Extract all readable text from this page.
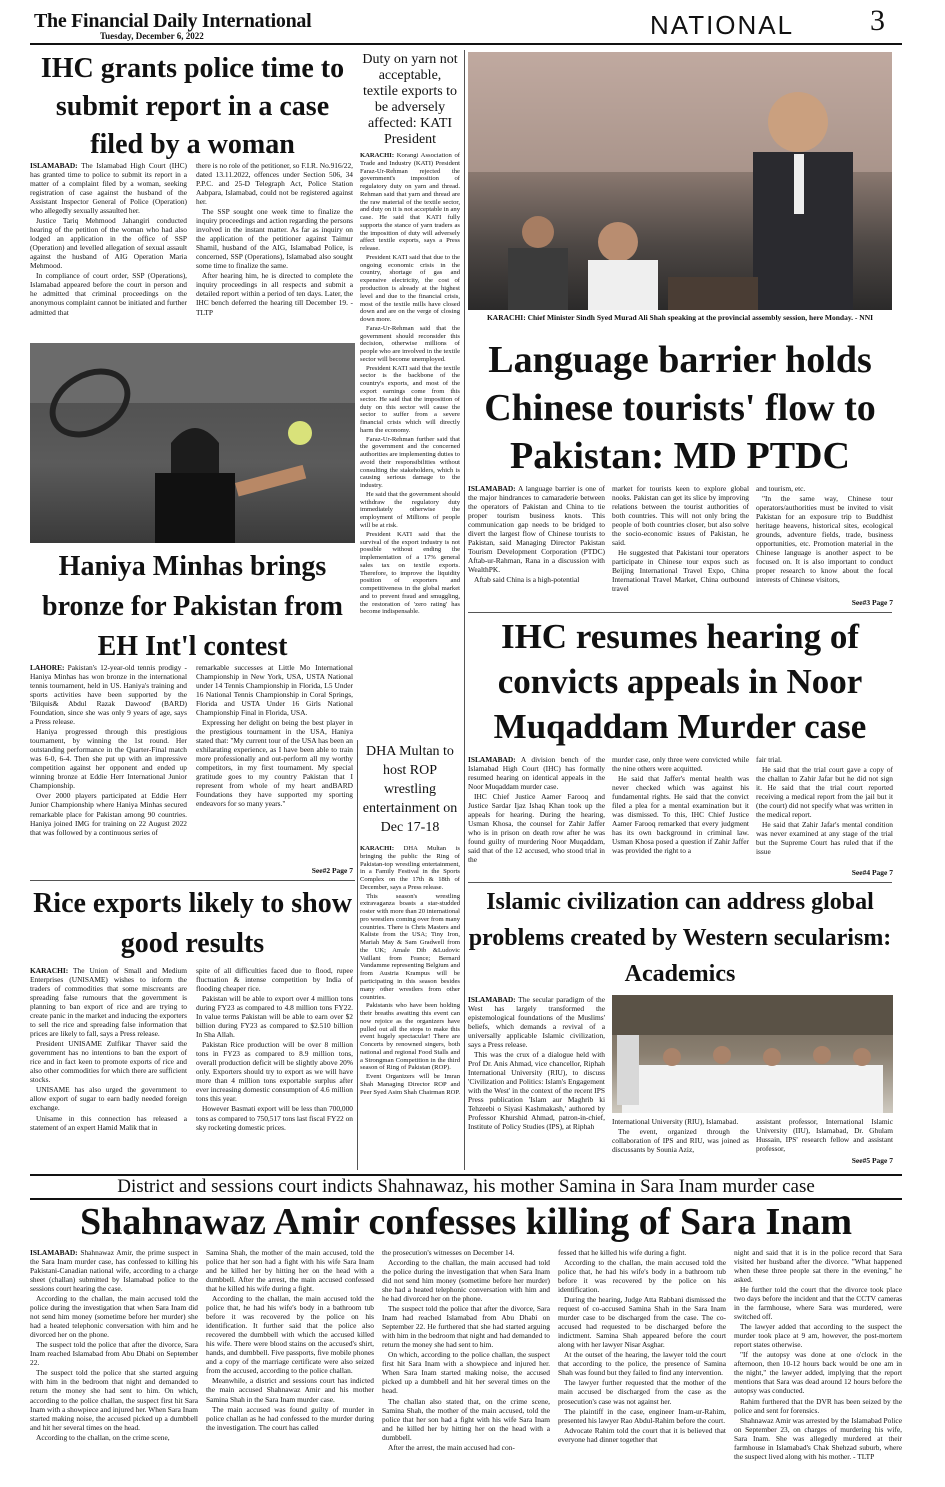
The Financial Daily International
Tuesday, December 6, 2022	NATIONAL	3
IHC grants police time to submit report in a case filed by a woman

ISLAMABAD: The Islamabad High Court (IHC) has granted time to police to submit its report in a matter of a complaint filed by a woman, seeking registration of case against the husband of the Assistant Inspector General of Police (Operation) who allegedly sexually assaulted her.

Justice Tariq Mehmood Jahangiri conducted hearing of the petition of the woman who had also lodged an application in the office of SSP (Operation) and levelled allegation of sexual assault against the husband of AIG Operation Maria Mehmood.

In compliance of court order, SSP (Operations), Islamabad appeared before the court in person and he admitted that criminal proceedings on the anonymous complaint cannot be initiated and further admitted that

there is no role of the petitioner, so F.I.R. No.916/22, dated 13.11.2022, offences under Section 506, 34 P.P.C. and 25-D Telegraph Act, Police Station Aabpara, Islamabad, could not be registered against her.

The SSP sought one week time to finalize the inquiry proceedings and action regarding the persons involved in the instant matter. As far as inquiry on the application of the petitioner against Taimur Shamil, husband of the AIG, Islamabad Police, is concerned, SSP (Operations), Islamabad also sought some time to finalize the same.

After hearing him, he is directed to complete the inquiry proceedings in all respects and submit a detailed report within a period of ten days. Later, the IHC bench deferred the hearing till December 19. - TLTP

Duty on yarn not acceptable, textile exports to be adversely affected: KATI President

KARACHI: Korangi Association of Trade and Industry (KATI) President Faraz-Ur-Rehman rejected the government's imposition of regulatory duty on yarn and thread. Rehman said that yarn and thread are the raw material of the textile sector, and duty on it is not acceptable in any case. He said that KATI fully supports the stance of yarn traders as the imposition of duty will adversely affect textile exports, says a Press release.

President KATI said that due to the ongoing economic crisis in the country, shortage of gas and expensive electricity, the cost of production is already at the highest level and due to the financial crisis, most of the textile mills have closed down and are on the verge of closing down more.

Faraz-Ur-Rehman said that the government should reconsider this decision, otherwise millions of people who are involved in the textile sector will become unemployed.

President KATI said that the textile sector is the backbone of the country's exports, and most of the export earnings come from this sector. He said that the imposition of duty on this sector will cause the sector to suffer from a severe financial crisis which will directly harm the economy.

Faraz-Ur-Rehman further said that the government and the concerned authorities are implementing duties to avoid their responsibilities without consulting the stakeholders, which is causing serious damage to the industry.

He said that the government should withdraw the regulatory duty immediately otherwise the employment of Millions of people will be at risk.

President KATI said that the survival of the export industry is not possible without ending the implementation of a 17% general sales tax on textile exports. Therefore, to improve the liquidity position of exporters and competitiveness in the global market and to prevent fraud and smuggling, the restoration of 'zero rating' has become indispensable.

KARACHI: Chief Minister Sindh Syed Murad Ali Shah speaking at the provincial assembly session, here Monday. - NNI
Language barrier holds Chinese tourists' flow to Pakistan: MD PTDC

ISLAMABAD: A language barrier is one of the major hindrances to camaraderie between the operators of Pakistan and China to tie proper tourism business knots. This communication gap needs to be bridged to divert the largest flow of Chinese tourists to Pakistan, said Managing Director Pakistan Tourism Development Corporation (PTDC) Aftab-ur-Rahman, Rana in a discussion with WealthPK.

Aftab said China is a high-potential

market for tourists keen to explore global nooks. Pakistan can get its slice by improving relations between the tourist authorities of both countries. This will not only bring the people of both countries closer, but also solve the socio-economic issues of Pakistan, he said.

He suggested that Pakistani tour operators participate in Chinese tour expos such as Beijing International Travel Expo, China International Travel Market, China outbound travel

and tourism, etc.

"In the same way, Chinese tour operators/authorities must be invited to visit Pakistan for an exposure trip to Buddhist heritage heavens, historical sites, ecological grounds, adventure fields, trade, business opportunities, etc. Promotion material in the Chinese language is another aspect to be focused on. It is also important to conduct proper research to know about the focal interests of Chinese visitors,

See#3 Page 7
Haniya Minhas brings bronze for Pakistan from EH Int'l contest

LAHORE: Pakistan's 12-year-old tennis prodigy - Haniya Minhas has won bronze in the international tennis tournament, held in US. Haniya's training and sports activities have been supported by the 'Bilquis& Abdul Razak Dawood' (BARD) Foundation, since she was only 9 years of age, says a Press release.

Haniya progressed through this prestigious tournament, by winning the 1st round. Her outstanding performance in the Quarter-Final match was 6-0, 6-4. Then she put up with an impressive competition against her opponent and ended up winning bronze at Eddie Herr International Junior Championship.

Over 2000 players participated at Eddie Herr Junior Championship where Haniya Minhas secured remarkable place for Pakistan among 90 countries. Haniya joined IMG for training on 22 August 2022 that was followed by a continuous series of

remarkable successes at Little Mo International Championship in New York, USA, USTA National under 14 Tennis Championship in Florida, L5 Under 16 National Tennis Championship in Coral Springs, Florida and USTA Under 16 Girls National Championship Final in Florida, USA.

Expressing her delight on being the best player in the prestigious tournament in the USA, Haniya stated that: "My current tour of the USA has been an exhilarating experience, as I have been able to train more professionally and out-perform all my worthy competitors, in my first tournament. My special gratitude goes to my country Pakistan that I represent from whole of my heart andBARD Foundations they have supported my sporting endeavors for so many years."

See#2 Page 7
DHA Multan to host ROP wrestling entertainment on Dec 17-18

KARACHI: DHA Multan is bringing the public the Ring of Pakistan-top wrestling entertainment, in a Family Festival in the Sports Complex on the 17th & 18th of December, says a Press release.

This season's wrestling extravaganza boasts a star-studded roster with more than 20 international pro wrestlers coming over from many countries. There is Chris Masters and Kaliste from the USA; Tiny Iron, Mariah May & Sam Gradwell from the UK; Amale Dib &Ludovic Vaillant from France; Bernard Vandamme representing Belgium and from Austria Krampus will be participating in this season besides many other wrestlers from other countries.

Pakistanis who have been holding their breaths awaiting this event can now rejoice as the organizers have pulled out all the stops to make this event hugely spectacular! There are Concerts by renowned singers, both national and regional Food Stalls and a Strongman Competition in the third season of Ring of Pakistan (ROP).

Event Organizers will be Imran Shah Managing Director ROP and Peer Syed Asim Shah Chairman ROP.

IHC resumes hearing of convicts appeals in Noor Muqaddam Murder case

ISLAMABAD: A division bench of the Islamabad High Court (IHC) has formally resumed hearing on identical appeals in the Noor Muqaddam murder case.

IHC Chief Justice Aamer Farooq and Justice Sardar Ijaz Ishaq Khan took up the appeals for hearing. During the hearing, Usman Khosa, the counsel for Zahir Jaffer who is in prison on death row after he was found guilty of murdering Noor Muqaddam, said that of the 12 accused, who stood trial in the

murder case, only three were convicted while the nine others were acquitted.

He said that Jaffer's mental health was never checked which was against his fundamental rights. He said that the convict filed a plea for a mental examination but it was dismissed. To this, IHC Chief Justice Aamer Farooq remarked that every judgment has its own background in criminal law. Usman Khosa posed a question if Zahir Jaffer was provided the right to a

fair trial.

He said that the trial court gave a copy of the challan to Zahir Jafar but he did not sign it. He said that the trial court reported receiving a medical report from the jail but it (the court) did not specify what was written in the medical report.

He said that Zahir Jafar's mental condition was never examined at any stage of the trial but the Supreme Court has ruled that if the issue

See#4 Page 7
Rice exports likely to show good results

KARACHI: The Union of Small and Medium Enterprises (UNISAME) wishes to inform the traders of commodities that some miscreants are spreading false rumours that the government is planning to ban export of rice and are trying to create panic in the market and inducing the exporters to sell the rice and spreading false information that prices are likely to fall, says a Press release.

President UNISAME Zulfikar Thaver said the government has no intentions to ban the export of rice and in fact keen to promote exports of rice and also other commodities for which there are sufficient stocks.

UNISAME has also urged the government to allow export of sugar to earn badly needed foreign exchange.

Unisame in this connection has released a statement of an expert Hamid Malik that in

spite of all difficulties faced due to flood, rupee fluctuation & intense competition by India of flooding cheaper rice.

Pakistan will be able to export over 4 million tons during FY23 as compared to 4.8 million tons FY22. In value terms Pakistan will be able to earn over $2 billion during FY23 as compared to $2.510 billion In Sha Allah.

Pakistan Rice production will be over 8 million tons in FY23 as compared to 8.9 million tons, overall production deficit will be slightly above 20% only. Exporters should try to export as we will have more than 4 million tons exportable surplus after ever increasing domestic consumption of 4.6 million tons this year.

However Basmati export will be less than 700,000 tons as compared to 750,517 tons last fiscal FY22 on sky rocketing domestic prices.

Islamic civilization can address global problems created by Western secularism: Academics

ISLAMABAD: The secular paradigm of the West has largely transformed the epistemological foundations of the Muslims' beliefs, which demands a revival of a universally applicable Islamic civilization, says a Press release.

This was the crux of a dialogue held with Prof Dr. Anis Ahmad, vice chancellor, Riphah International University (RIU), to discuss 'Civilization and Politics: Islam's Engagement with the West' in the context of the recent IPS Press publication 'Islam aur Maghrib ki Tehzeebi o Siyasi Kashmakash,' authored by Professor Khurshid Ahmad, patron-in-chief, Institute of Policy Studies (IPS), at Riphah

International University (RIU), Islamabad.

The event, organized through the collaboration of IPS and RIU, was joined as discussants by Sounia Aziz,

assistant professor, International Islamic University (IIU), Islamabad, Dr. Ghulam Hussain, IPS' research fellow and assistant professor,

See#5 Page 7
District and sessions court indicts Shahnawaz, his mother Samina in Sara Inam murder case
Shahnawaz Amir confesses killing of Sara Inam

ISLAMABAD: Shahnawaz Amir, the prime suspect in the Sara Inam murder case, has confessed to killing his Pakistani-Canadian national wife, according to a charge sheet (challan) submitted by Islamabad police to the sessions court hearing the case.

According to the challan, the main accused told the police during the investigation that when Sara Inam did not send him money (sometime before her murder) she had a heated telephonic conversation with him and he divorced her on the phone.

The suspect told the police that after the divorce, Sara Inam reached Islamabad from Abu Dhabi on September 22.

The suspect told the police that she started arguing with him in the bedroom that night and demanded to return the money she had sent to him. On which, according to the police challan, the suspect first hit Sara Inam with a showpiece and injured her. When Sara Inam started making noise, the accused picked up a dumbbell and hit her several times on the head.

According to the challan, on the crime scene,

Samina Shah, the mother of the main accused, told the police that her son had a fight with his wife Sara Inam and he killed her by hitting her on the head with a dumbbell. After the arrest, the main accused confessed that he killed his wife during a fight.

According to the challan, the main accused told the police that, he had his wife's body in a bathroom tub before it was recovered by the police on his identification. It further said that the police also recovered the dumbbell with which the accused killed his wife. There were blood stains on the accused's shirt, hands, and dumbbell. Five passports, five mobile phones and a copy of the marriage certificate were also seized from the accused, according to the police challan.

Meanwhile, a district and sessions court has indicted the main accused Shahnawaz Amir and his mother Samina Shah in the Sara Inam murder case.

The main accused was found guilty of murder in police challan as he had confessed to the murder during the investigation. The court has called

the prosecution's witnesses on December 14.

According to the challan, the main accused had told the police during the investigation that when Sara Inam did not send him money (sometime before her murder) she had a heated telephonic conversation with him and he had divorced her on the phone.

The suspect told the police that after the divorce, Sara Inam had reached Islamabad from Abu Dhabi on September 22. He furthered that she had started arguing with him in the bedroom that night and had demanded to return the money she had sent to him.

On which, according to the police challan, the suspect first hit Sara Inam with a showpiece and injured her. When Sara Inam started making noise, the accused picked up a dumbbell and hit her several times on the head.

The challan also stated that, on the crime scene, Samina Shah, the mother of the main accused, told the police that her son had a fight with his wife Sara Inam and he killed her by hitting her on the head with a dumbbell.

After the arrest, the main accused had con-

fessed that he killed his wife during a fight.

According to the challan, the main accused told the police that, he had his wife's body in a bathroom tub before it was recovered by the police on his identification.

During the hearing, Judge Atta Rabbani dismissed the request of co-accused Samina Shah in the Sara Inam murder case to be discharged from the case. The co-accused had requested to be discharged before the indictment. Samina Shah appeared before the court along with her lawyer Nisar Asghar.

At the outset of the hearing, the lawyer told the court that according to the police, the presence of Samina Shah was found but they failed to find any intervention.

The lawyer further requested that the mother of the main accused be discharged from the case as the prosecution's case was not against her.

The plaintiff in the case, engineer Inam-ur-Rahim, presented his lawyer Rao Abdul-Rahim before the court.

Advocate Rahim told the court that it is believed that everyone had dinner together that

night and said that it is in the police record that Sara visited her husband after the divorce. "What happened when these three people sat there in the evening," he asked.

He further told the court that the divorce took place two days before the incident and that the CCTV cameras in the farmhouse, where Sara was murdered, were switched off.

The lawyer added that according to the suspect the murder took place at 9 am, however, the post-mortem report states otherwise.

"If the autopsy was done at one o'clock in the afternoon, then 10-12 hours back would be one am in the night," the lawyer added, implying that the report mentions that Sara was dead around 12 hours before the autopsy was conducted.

Rahim furthered that the DVR has been seized by the police and sent for forensics.

Shahnawaz Amir was arrested by the Islamabad Police on September 23, on charges of murdering his wife, Sara Inam. She was allegedly murdered at their farmhouse in Islamabad's Chak Shehzad suburb, where the suspect lived along with his mother. - TLTP
